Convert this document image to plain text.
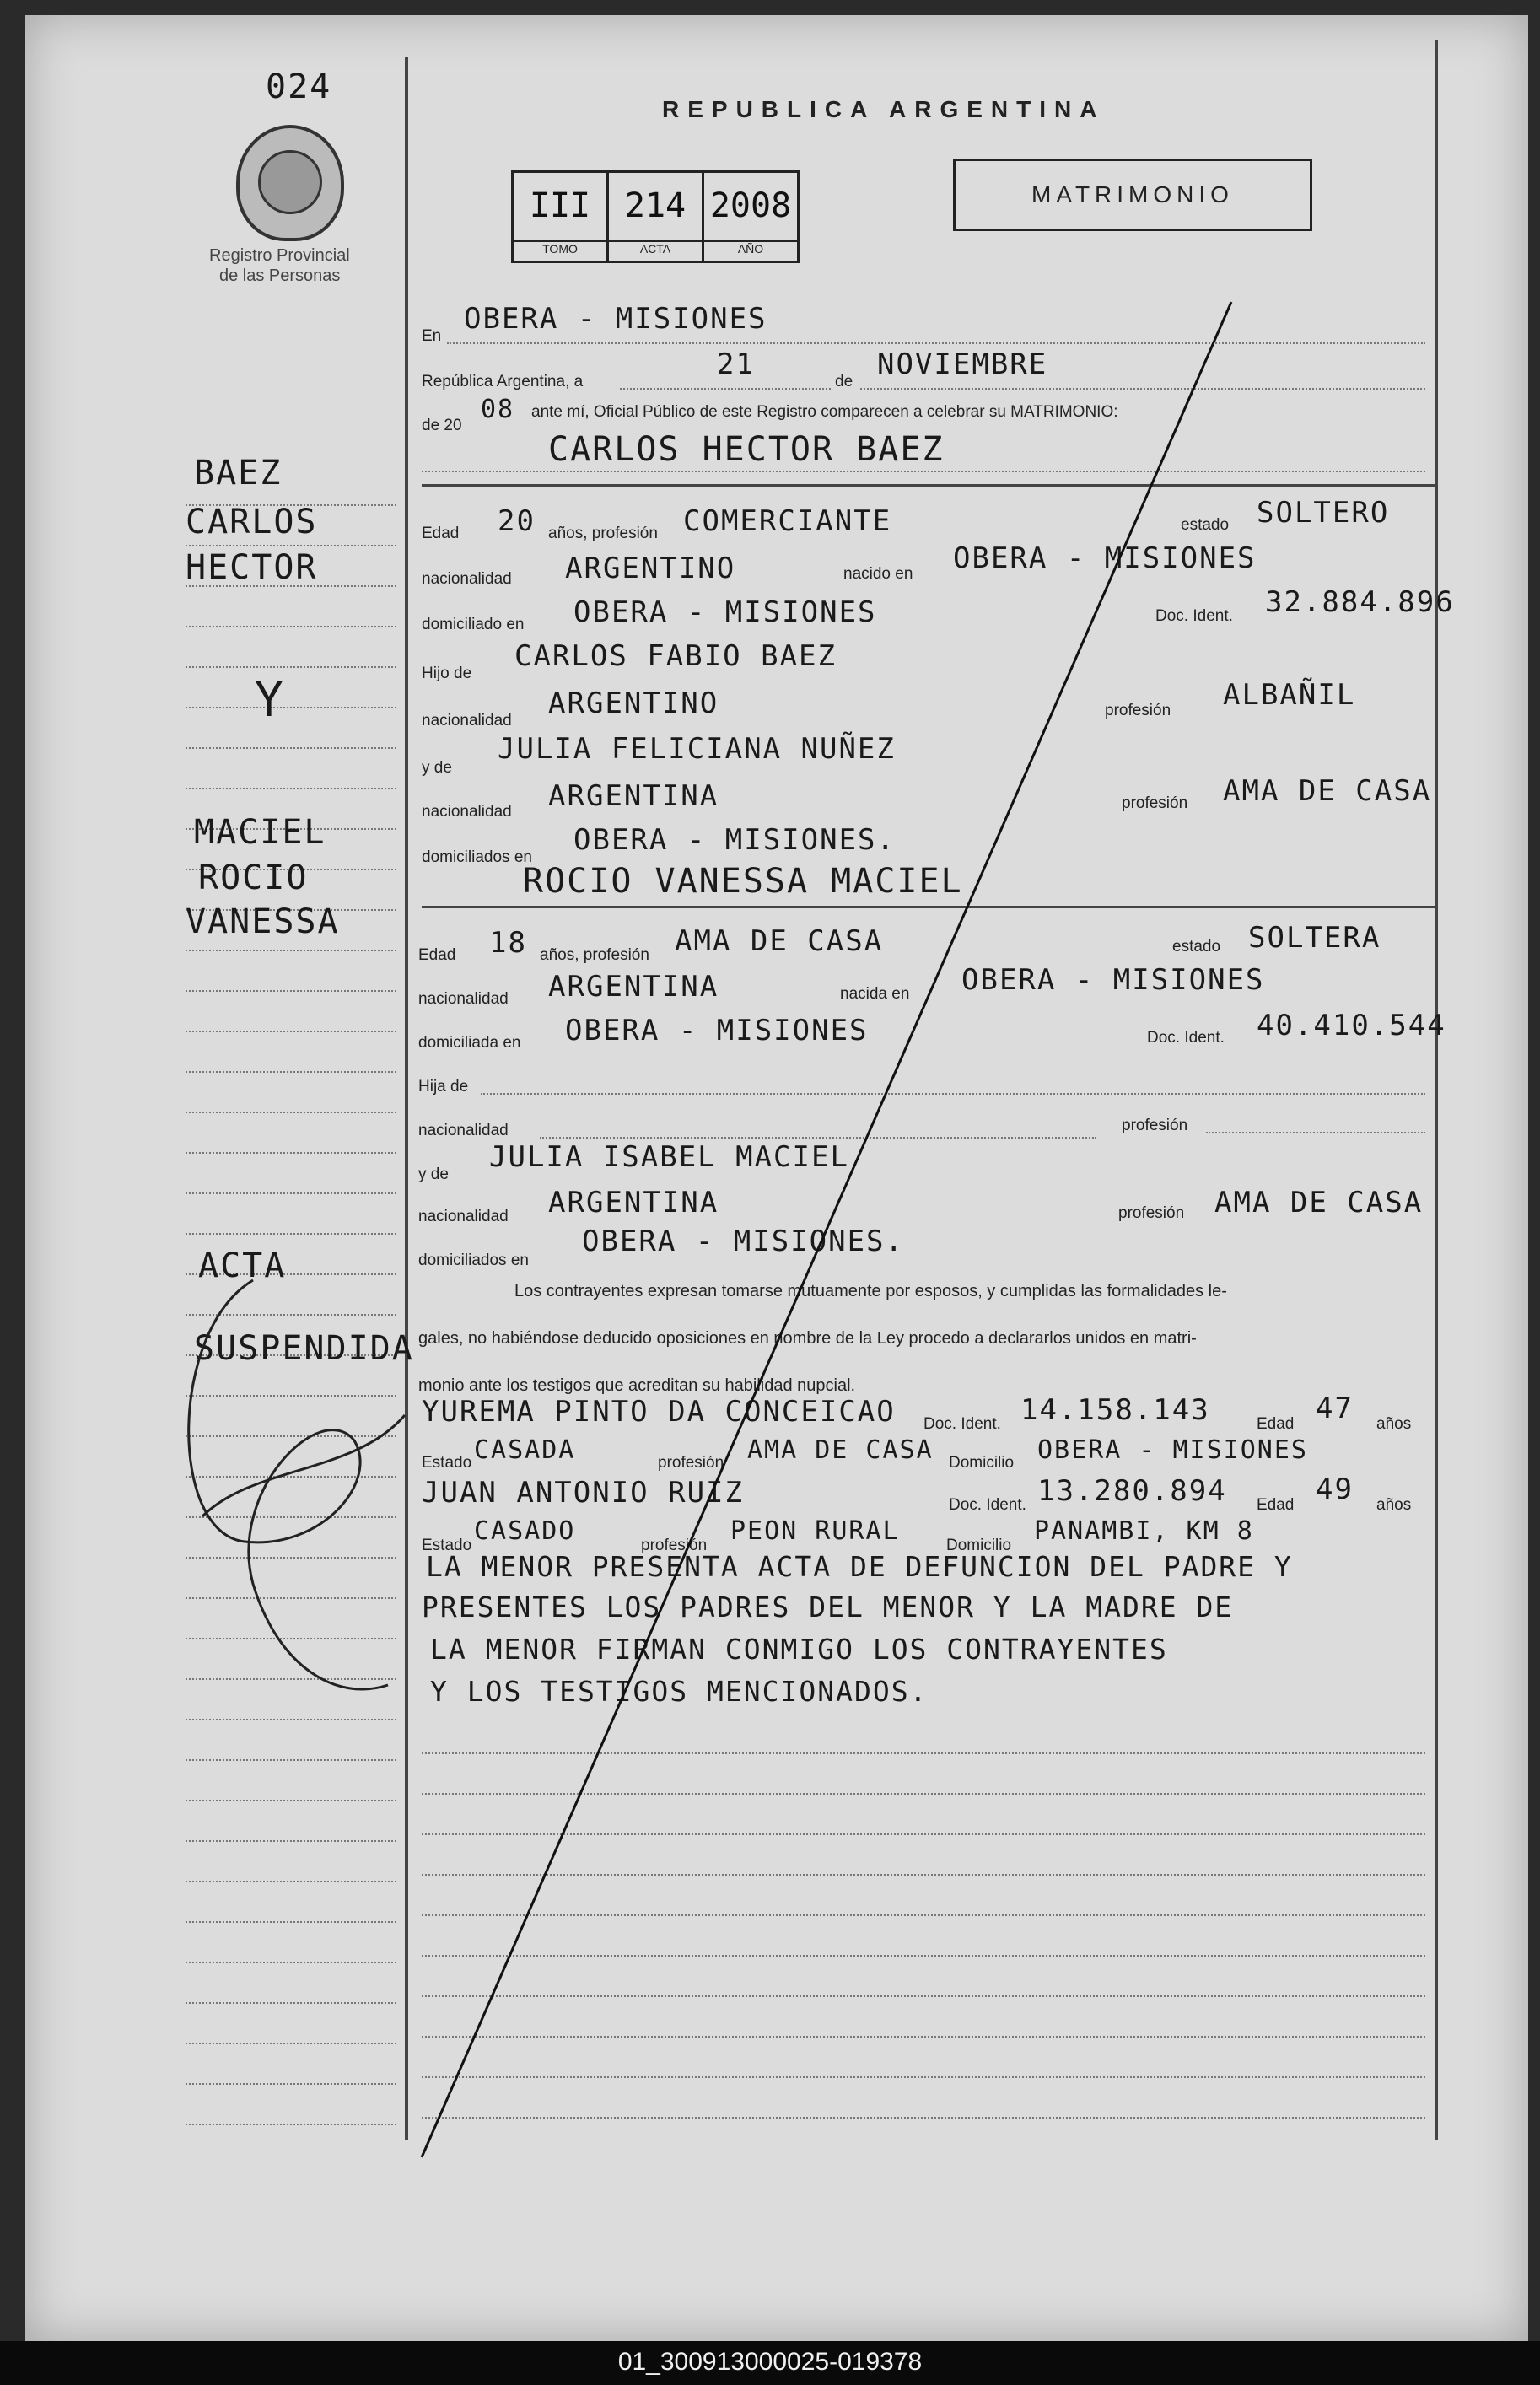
024
Registro Provincial
de las Personas
REPUBLICA ARGENTINA
III
TOMO
214
ACTA
2008
AÑO
MATRIMONIO
BAEZ
CARLOS
HECTOR
Y
MACIEL
ROCIO
VANESSA
ACTA
SUSPENDIDA
En
OBERA - MISIONES
República Argentina, a
21
de
NOVIEMBRE
de 20
08 ante mí, Oficial Público de este Registro comparecen a celebrar su MATRIMONIO:
CARLOS HECTOR BAEZ
Edad 20 años, profesión COMERCIANTE	estado SOLTERO
nacionalidad ARGENTINO	nacido en OBERA - MISIONES
domiciliado en OBERA - MISIONES	Doc. Ident. 32.884.896
Hijo de
CARLOS FABIO BAEZ
nacionalidad
ARGENTINO	profesión ALBAÑIL
y de
JULIA FELICIANA NUÑEZ
nacionalidad ARGENTINA	profesión AMA DE CASA
domiciliados en
OBERA - MISIONES.
ROCIO VANESSA MACIEL
Edad 18 años, profesión AMA DE CASA	estado SOLTERA
nacionalidad ARGENTINA	nacida en OBERA - MISIONES
domiciliada en OBERA - MISIONES	Doc. Ident. 40.410.544
Hija de
nacionalidad	profesión
y de
JULIA ISABEL MACIEL
nacionalidad ARGENTINA	profesión AMA DE CASA
domiciliados en
OBERA - MISIONES.
Los contrayentes expresan tomarse mutuamente por esposos, y cumplidas las formalidades le-
gales, no habiéndose deducido oposiciones en nombre de la Ley procedo a declararlos unidos en matri-
monio ante los testigos que acreditan su habilidad nupcial.
YUREMA PINTO DA CONCEICAO Doc. Ident. 14.158.143	Edad 47 años
Estado CASADA	profesión AMA DE CASA Domicilio OBERA - MISIONES
JUAN ANTONIO RUIZ	Doc. Ident. 13.280.894 Edad 49 años
Estado CASADO	profesión PEON RURAL	Domicilio PANAMBI, KM 8
LA MENOR PRESENTA ACTA DE DEFUNCION DEL PADRE Y
PRESENTES LOS PADRES DEL MENOR Y LA MADRE DE
LA MENOR FIRMAN CONMIGO LOS CONTRAYENTES
Y LOS TESTIGOS MENCIONADOS.
01_300913000025-019378
